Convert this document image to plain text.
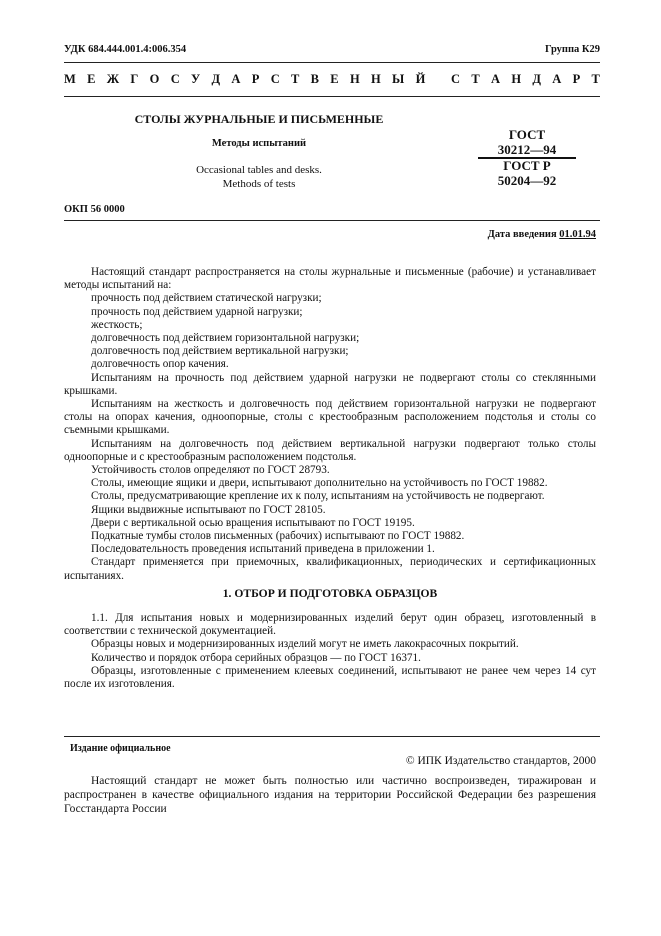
УДК 684.444.001.4:006.354	Группа К29
М Е Ж Г О С У Д А Р С Т В Е Н Н Ы Й
С Т А Н Д А Р Т
СТОЛЫ ЖУРНАЛЬНЫЕ И ПИСЬМЕННЫЕ
Методы испытаний
Occasional tables and desks.
Methods of tests
ГОСТ
30212—94
ГОСТ Р
50204—92
ОКП 56 0000
Дата введения 01.01.94

Настоящий стандарт распространяется на столы журнальные и письменные (рабочие) и устанавливает методы испытаний на:

прочность под действием статической нагрузки;

прочность под действием ударной нагрузки;

жесткость;

долговечность под действием горизонтальной нагрузки;

долговечность под действием вертикальной нагрузки;

долговечность опор качения.

Испытаниям на прочность под действием ударной нагрузки не подвергают столы со стеклянными крышками.

Испытаниям на жесткость и долговечность под действием горизонтальной нагрузки не подвергают столы на опорах качения, одноопорные, столы с крестообразным расположением подстолья и столы со съемными крышками.

Испытаниям на долговечность под действием вертикальной нагрузки подвергают только столы одноопорные и с крестообразным расположением подстолья.

Устойчивость столов определяют по ГОСТ 28793.

Столы, имеющие ящики и двери, испытывают дополнительно на устойчивость по ГОСТ 19882.

Столы, предусматривающие крепление их к полу, испытаниям на устойчивость не подвергают.

Ящики выдвижные испытывают по ГОСТ 28105.

Двери с вертикальной осью вращения испытывают по ГОСТ 19195.

Подкатные тумбы столов письменных (рабочих) испытывают по ГОСТ 19882.

Последовательность проведения испытаний приведена в приложении 1.

Стандарт применяется при приемочных, квалификационных, периодических и сертификационных испытаниях.

1. ОТБОР И ПОДГОТОВКА ОБРАЗЦОВ

1.1. Для испытания новых и модернизированных изделий берут один образец, изготовленный в соответствии с технической документацией.

Образцы новых и модернизированных изделий могут не иметь лакокрасочных покрытий.

Количество и порядок отбора серийных образцов — по ГОСТ 16371.

Образцы, изготовленные с применением клеевых соединений, испытывают не ранее чем через 14 сут после их изготовления.

Издание официальное
© ИПК Издательство стандартов, 2000

Настоящий стандарт не может быть полностью или частично воспроизведен, тиражирован и распространен в качестве официального издания на территории Российской Федерации без разрешения Госстандарта России
